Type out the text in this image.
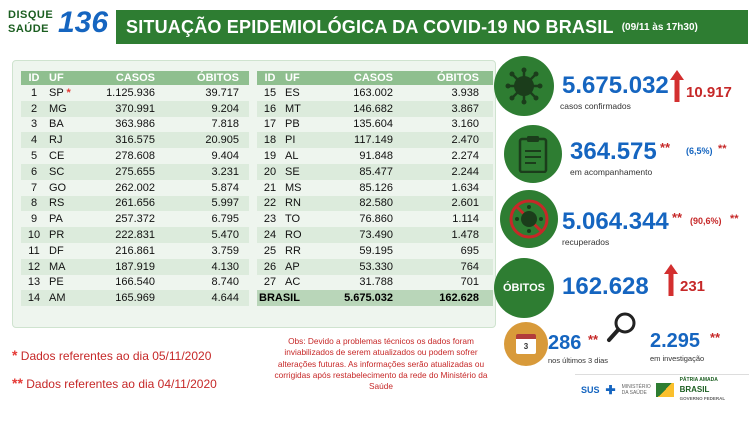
DISQUE
SAÚDE 136 SITUAÇÃO EPIDEMIOLÓGICA DA COVID-19 NO BRASIL (09/11 às 17h30)
ID UF	CASOS	ÓBITOS
1	SP *	1.125.936	39.717
2	MG	370.991	9.204
3	BA	363.986	7.818
4	RJ	316.575	20.905
5	CE	278.608	9.404
6	SC	275.655	3.231
7	GO	262.002	5.874
8	RS	261.656	5.997
9	PA	257.372	6.795
10 PR	222.831	5.470
11 DF	216.861	3.759
12 MA	187.919	4.130
13 PE	166.540	8.740
14 AM	165.969	4.644
ID UF	CASOS	ÓBITOS
15 ES	163.002	3.938
16 MT	146.682	3.867
17 PB	135.604	3.160
18 PI	117.149	2.470
19 AL	91.848	2.274
20 SE	85.477	2.244
21 MS	85.126	1.634
22 RN	82.580	2.601
23 TO	76.860	1.114
24 RO	73.490	1.478
25 RR	59.195	695
26 AP	53.330	764
27 AC	31.788	701
BRASIL	5.675.032	162.628
* Dados referentes ao dia 05/11/2020
** Dados referentes ao dia 04/11/2020
Obs: Devido a problemas técnicos os dados foram inviabilizados de serem atualizados ou podem sofrer alterações futuras. As informações serão atualizadas ou corrigidas após restabelecimento da rede do Ministério da Saúde
5.675.032 10.917
casos confirmados
364.575 ** (6,5%) **
em acompanhamento
5.064.344 ** (90,6%) **
recuperados
ÓBITOS 162.628 231
3 286 **
nos últimos 3 dias
2.295 **
em investigação
SUS ✚ MINISTÉRIO DA SAÚDE
PÁTRIA AMADA
BRASIL
GOVERNO FEDERAL
